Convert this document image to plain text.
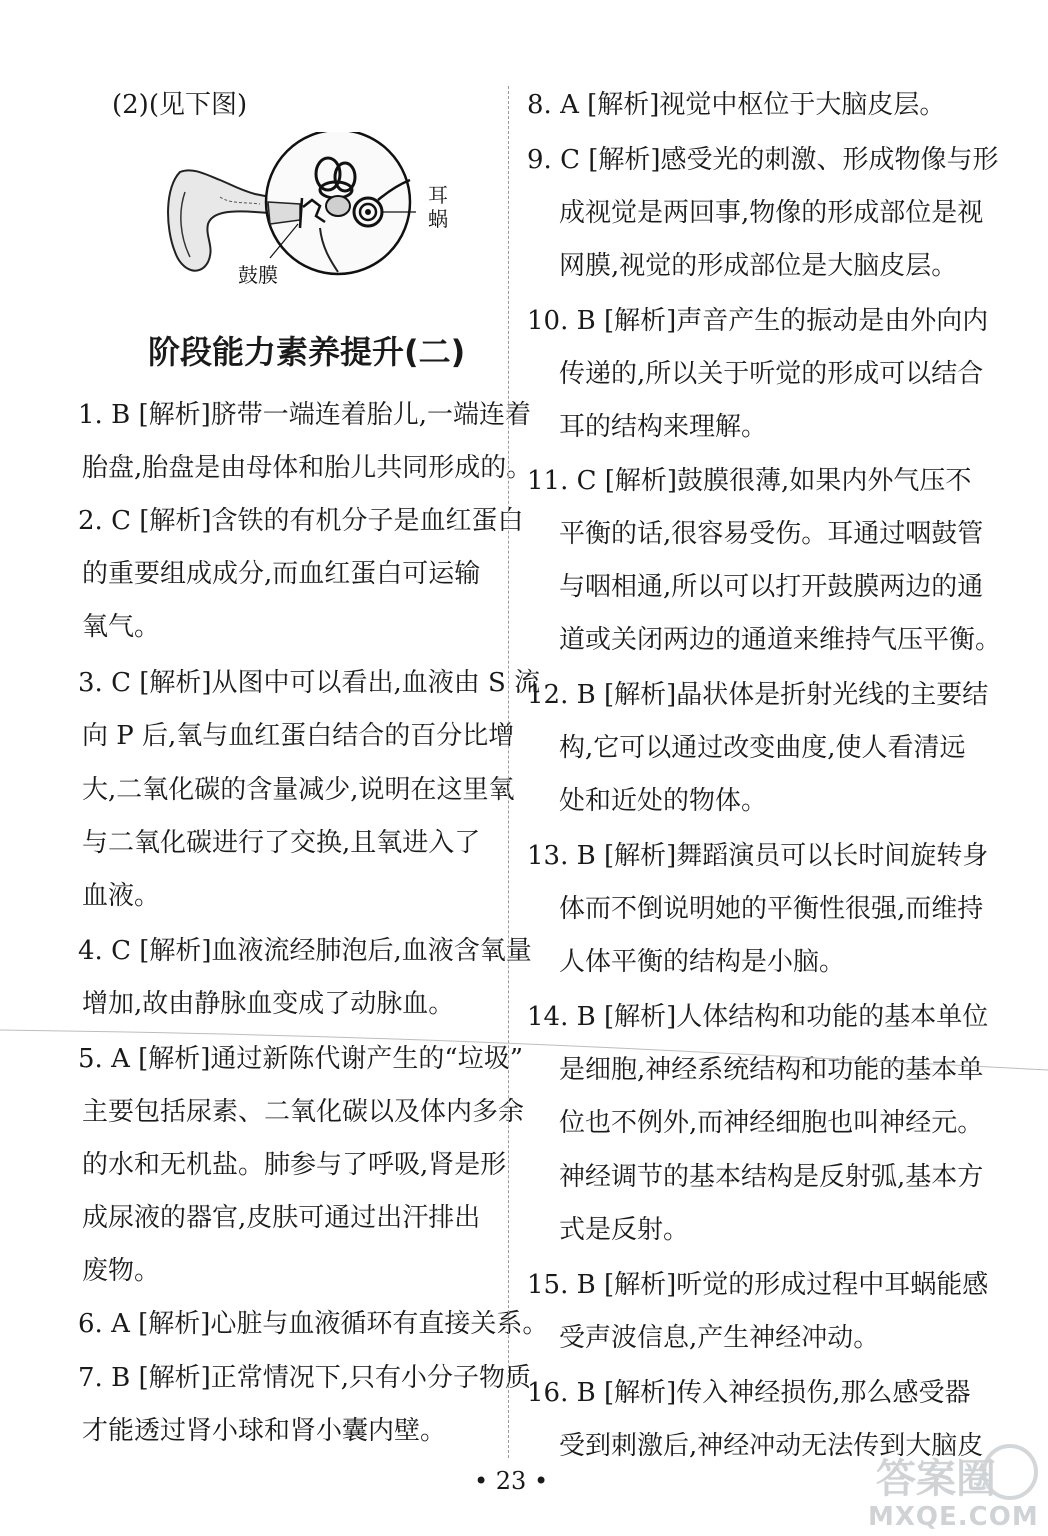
(2)(见下图)
耳
蜗
鼓膜
阶段能力素养提升(二)
1. B [解析]脐带一端连着胎儿,一端连着
胎盘,胎盘是由母体和胎儿共同形成的。
2. C [解析]含铁的有机分子是血红蛋白
的重要组成成分,而血红蛋白可运输
氧气。
3. C [解析]从图中可以看出,血液由 S 流
向 P 后,氧与血红蛋白结合的百分比增
大,二氧化碳的含量减少,说明在这里氧
与二氧化碳进行了交换,且氧进入了
血液。
4. C [解析]血液流经肺泡后,血液含氧量
增加,故由静脉血变成了动脉血。
5. A [解析]通过新陈代谢产生的“垃圾”
主要包括尿素、二氧化碳以及体内多余
的水和无机盐。肺参与了呼吸,肾是形
成尿液的器官,皮肤可通过出汗排出
废物。
6. A [解析]心脏与血液循环有直接关系。
7. B [解析]正常情况下,只有小分子物质
才能透过肾小球和肾小囊内壁。
8. A [解析]视觉中枢位于大脑皮层。
9. C [解析]感受光的刺激、形成物像与形
成视觉是两回事,物像的形成部位是视
网膜,视觉的形成部位是大脑皮层。
10. B [解析]声音产生的振动是由外向内
传递的,所以关于听觉的形成可以结合
耳的结构来理解。
11. C [解析]鼓膜很薄,如果内外气压不
平衡的话,很容易受伤。耳通过咽鼓管
与咽相通,所以可以打开鼓膜两边的通
道或关闭两边的通道来维持气压平衡。
12. B [解析]晶状体是折射光线的主要结
构,它可以通过改变曲度,使人看清远
处和近处的物体。
13. B [解析]舞蹈演员可以长时间旋转身
体而不倒说明她的平衡性很强,而维持
人体平衡的结构是小脑。
14. B [解析]人体结构和功能的基本单位
是细胞,神经系统结构和功能的基本单
位也不例外,而神经细胞也叫神经元。
神经调节的基本结构是反射弧,基本方
式是反射。
15. B [解析]听觉的形成过程中耳蜗能感
受声波信息,产生神经冲动。
16. B [解析]传入神经损伤,那么感受器
受到刺激后,神经冲动无法传到大脑皮
• 23 •	答案圈
MXQE.COM
